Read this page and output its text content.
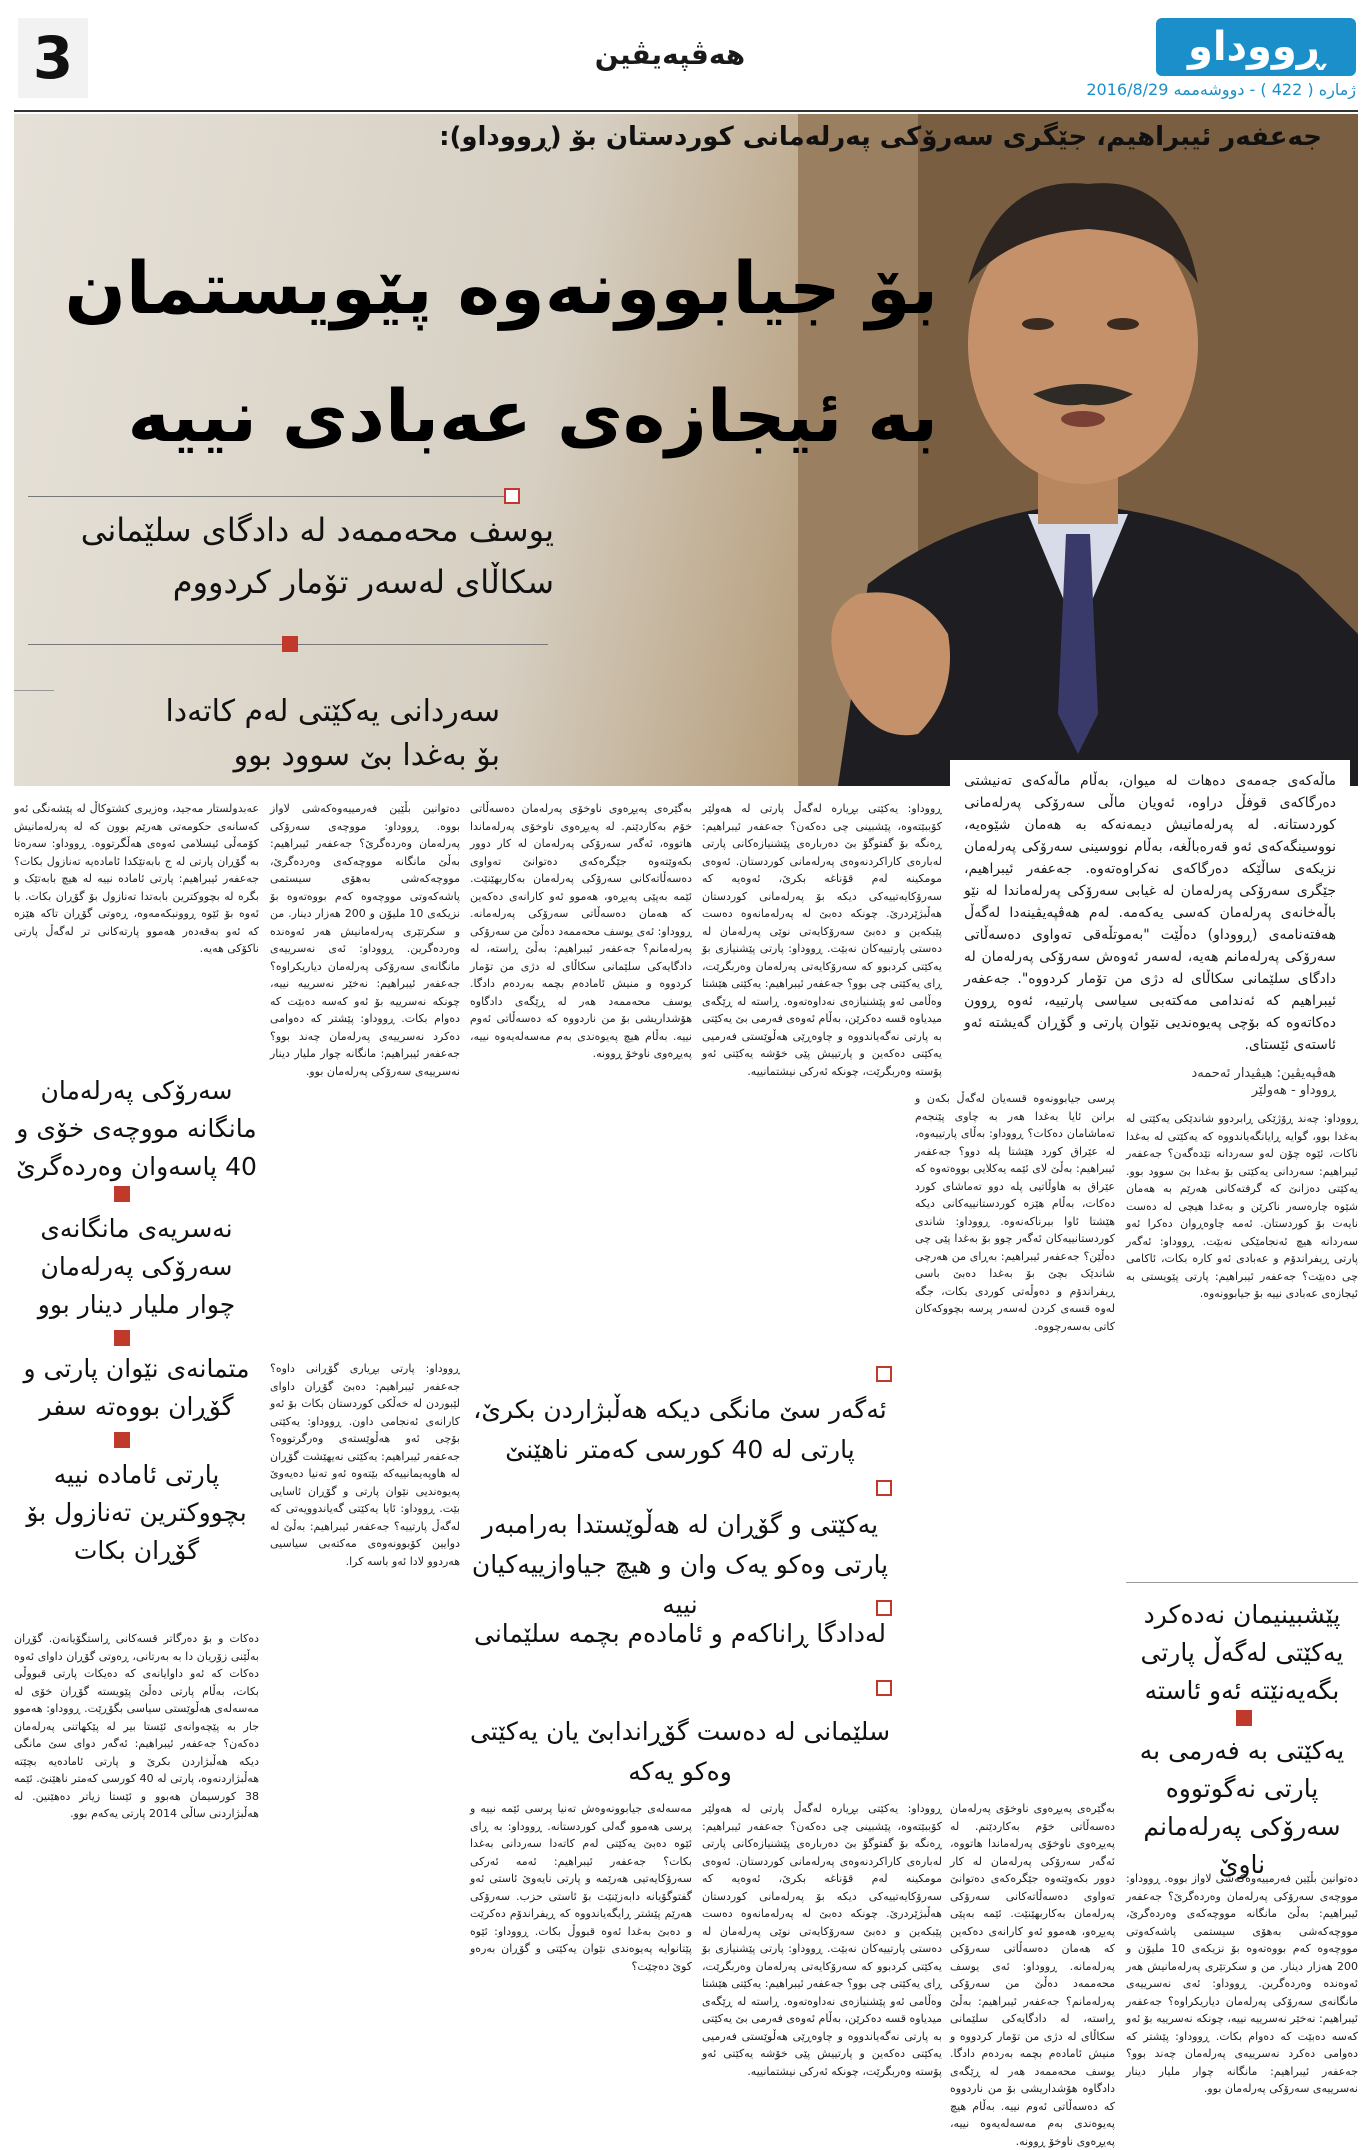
3	هەڤپەیڤین	ڕووداو
ژمارە ( 422 ) - دووشەممە 2016/8/29
جەعفەر ئیبراهیم، جێگری سەرۆکی پەرلەمانی کوردستان بۆ (ڕووداو):
بۆ جیابوونەوە پێویستمان
بە ئیجازەی عەبادی نییە
یوسف محەممەد لە دادگای سلێمانی
سکاڵای لەسەر تۆمار کردووم
سەردانی یەکێتی لەم کاتەدا
بۆ بەغدا بێ سوود بوو
ماڵەکەی جەمەی دەهات لە میوان، بەڵام ماڵەکەی تەنیشتی دەرگاکەی قوفڵ دراوە، ئەویان ماڵی سەرۆکی پەرلەمانی کوردستانە. لە پەرلەمانیش دیمەنەکە بە هەمان شێوەیە، نووسینگەکەی ئەو قەرەباڵغە، بەڵام نووسینی سەرۆکی پەرلەمان نزیکەی ساڵێکە دەرگاکەی نەکراوەتەوە. جەعفەر ئیبراهیم، جێگری سەرۆکی پەرلەمان لە غیابی سەرۆکی پەرلەماندا لە نێو باڵەخانەی پەرلەمان کەسی یەکەمە. لەم هەڤپەیڤینەدا لەگەڵ هەفتەنامەی (ڕووداو) دەڵێت "بەموتڵەقی تەواوی دەسەڵاتی سەرۆکی پەرلەمانم هەیە، لەسەر ئەوەش سەرۆکی پەرلەمان لە دادگای سلێمانی سکاڵای لە دژی من تۆمار کردووە". جەعفەر ئیبراهیم کە ئەندامی مەکتەبی سیاسی پارتییە، ئەوە ڕوون دەکاتەوە کە بۆچی پەیوەندیی نێوان پارتی و گۆڕان گەیشتە ئەو ئاستەی ئێستای.
هەڤپەیڤین: هیڤیدار ئەحمەد
ڕووداو - هەولێر
عەبدولستار مەجید، وەزیری کشتوکاڵ لە پێشەنگی ئەو کەسانەی حکومەتی هەرێم بوون کە لە پەرلەمانیش کۆمەڵی ئیسلامی ئەوەی هەڵگرتووە. ڕووداو: سەرەتا بە گۆڕان پارتی لە ج بابەتێکدا ئامادەیە تەنازول بکات؟ جەعفەر ئیبراهیم: پارتی ئامادە نییە لە هیچ بابەتێک و بگرە لە بچووکترین بابەتدا تەنازول بۆ گۆڕان بکات. با ئەوە بۆ ئێوە ڕوونبکەمەوە، ڕەوتی گۆڕان تاکە هێزە کە ئەو بەقەدەر هەموو پارتەکانی تر لەگەڵ پارتی ناکۆکی هەیە.
دەتوانین بڵێین فەرمییەوەکەشی لاواز بووە. ڕووداو: مووچەی سەرۆکی پەرلەمان وەردەگرێ؟ جەعفەر ئیبراهیم: بەڵێ مانگانە مووچەکەی وەردەگرێ، مووچەکەشی بەهۆی سیستمی پاشەکەوتی مووچەوە کەم بووەتەوە بۆ نزیکەی 10 ملیۆن و 200 هەزار دینار. من و سکرتێری پەرلەمانیش هەر ئەوەندە وەردەگرین. ڕووداو: ئەی نەسرییەی مانگانەی سەرۆکی پەرلەمان دیاریکراوە؟ جەعفەر ئیبراهیم: نەخێر نەسرییە نییە، چونکە نەسرییە بۆ ئەو کەسە دەبێت کە دەوام بکات. ڕووداو: پێشتر کە دەوامی دەکرد نەسرییەی پەرلەمان چەند بوو؟ جەعفەر ئیبراهیم: مانگانە چوار ملیار دینار نەسرییەی سەرۆکی پەرلەمان بوو.
بەگێرەی پەیڕەوی ناوخۆی پەرلەمان دەسەڵاتی خۆم بەکاردێنم. لە پەیڕەوی ناوخۆی پەرلەماندا هاتووە، ئەگەر سەرۆکی پەرلەمان لە کار دوور بکەوێتەوە جێگرەکەی دەتوانێ تەواوی دەسەڵاتەکانی سەرۆکی پەرلەمان بەکاربهێنێت. ئێمە بەپێی پەیڕەو، هەموو ئەو کارانەی دەکەین کە هەمان دەسەڵاتی سەرۆکی پەرلەمانە. ڕووداو: ئەی یوسف محەممەد دەڵێ من سەرۆکی پەرلەمانم؟ جەعفەر ئیبراهیم: بەڵێ ڕاستە، لە دادگایەکی سلێمانی سکاڵای لە دژی من تۆمار کردووە و منیش ئامادەم بچمە بەردەم دادگا. یوسف محەممەد هەر لە ڕێگەی دادگاوە هۆشداریشی بۆ من ناردووە کە دەسەڵاتی ئەوم نییە. بەڵام هیچ پەیوەندی بەم مەسەلەیەوە نییە، پەیڕەوی ناوخۆ ڕوونە.
ڕووداو: یەکێتی بڕیارە لەگەڵ پارتی لە هەولێر کۆببێتەوە، پێشبینی چی دەکەن؟ جەعفەر ئیبراهیم: ڕەنگە بۆ گفتوگۆ بێ دەربارەی پێشنیازەکانی پارتی لەبارەی کاراکردنەوەی پەرلەمانی کوردستان. ئەوەی مومکینە لەم قۆناغە بکرێ، ئەوەیە کە سەرۆکایەتییەکی دیکە بۆ پەرلەمانی کوردستان هەڵبژێردرێ. چونکە دەبێ لە پەرلەمانەوە دەست پێبکەین و دەبێ سەرۆکایەتی نوێی پەرلەمان لە دەستی پارتییەکان نەبێت. ڕووداو: پارتی پێشنیازی بۆ یەکێتی کردبوو کە سەرۆکایەتی پەرلەمان وەربگرێت، ڕای یەکێتی چی بوو؟ جەعفەر ئیبراهیم: یەکێتی هێشتا وەڵامی ئەو پێشنیازەی نەداوەتەوە. ڕاستە لە ڕێگەی میدیاوە قسە دەکرێن، بەڵام ئەوەی فەرمی بێ یەکێتی بە پارتی نەگەیاندووە و چاوەڕێی هەڵوێستی فەرمیی یەکێتی دەکەین و پارتییش پێی خۆشە یەکێتی ئەو پۆستە وەربگرێت، چونکە ئەرکی نیشتمانییە.
سەرۆکی پەرلەمان مانگانە مووچەی خۆی و 40 پاسەوان وەردەگرێ
نەسریەی مانگانەی سەرۆکی پەرلەمان چوار ملیار دینار بوو
متمانەی نێوان پارتی و گۆڕان بووەتە سفر
پارتی ئامادە نییە بچووکترین تەنازول بۆ گۆڕان بکات
ئەگەر سێ مانگی دیکە هەڵبژاردن بکرێ، پارتی لە 40 کورسی کەمتر ناهێنێ
یەکێتی و گۆڕان لە هەڵوێستدا بەرامبەر پارتی وەکو یەک وان و هیچ جیاوازییەکیان نییە
لەدادگا ڕاناکەم و ئامادەم بچمە سلێمانی
سلێمانی لە دەست گۆڕاندابێ یان یەکێتی وەکو یەکە
ڕووداو: چەند ڕۆژێکی ڕابردوو شاندێکی یەکێتی لە بەغدا بوو، گوایە ڕایانگەیاندووە کە یەکێتی لە بەغدا ناکات، ئێوە چۆن لەو سەردانە تێدەگەن؟ جەعفەر ئیبراهیم: سەردانی یەکێتی بۆ بەغدا بێ سوود بوو. یەکێتی دەزانێ کە گرفتەکانی هەرێم بە هەمان شێوە چارەسەر ناکرێن و بەغدا هیچی لە دەست نایەت بۆ کوردستان. ئەمە چاوەڕوان دەکرا ئەو سەردانە هیچ ئەنجامێکی نەبێت. ڕووداو: ئەگەر پارتی ڕیفراندۆم و عەبادی ئەو کارە بکات، ئاکامی چی دەبێت؟ جەعفەر ئیبراهیم: پارتی پێویستی بە ئیجازەی عەبادی نییە بۆ جیابوونەوە.
پرسی جیابوونەوە قسەیان لەگەڵ بکەن و برانن ئایا بەغدا هەر بە چاوی پێنجەم تەماشامان دەکات؟ ڕووداو: بەڵای پارتییەوە، لە عێراق کورد هێشتا پلە دوو؟ جەعفەر ئیبراهیم: بەڵێ لای ئێمە یەکلایی بووەتەوە کە عێراق بە هاوڵاتیی پلە دوو تەماشای کورد دەکات، بەڵام هێزە کوردستانییەکانی دیکە هێشتا ئاوا بیرناکەنەوە. ڕووداو: شاندی کوردستانییەکان ئەگەر چوو بۆ بەغدا پێی چی دەڵێن؟ جەعفەر ئیبراهیم: بەڕای من هەرچی شاندێک بچێ بۆ بەغدا دەبێ باسی ڕیفراندۆم و دەوڵەتی کوردی بکات، جگە لەوە قسەی کردن لەسەر پرسە بچووکەکان کاتی بەسەرچووە.
پێشبینیمان نەدەکرد یەکێتی لەگەڵ پارتی بگەیەنێتە ئەو ئاستە
یەکێتی بە فەرمی بە پارتی نەگوتووە سەرۆکی پەرلەمانم ناوێ
دەکات و بۆ دەرگاتر قسەکانی ڕاستگۆیانەن. گۆڕان بەڵێنی زۆریان دا بە بەرتانی، ڕەوتی گۆڕان داوای ئەوە دەکات کە ئەو داوایانەی کە دەیکات پارتی قبووڵی بکات، بەڵام پارتی دەڵێ پێویستە گۆڕان خۆی لە مەسەلەی هەڵوێستی سیاسی بگۆڕێت. ڕووداو: هەموو جار بە پێچەوانەی ئێستا بیر لە پێکهاتنی پەرلەمان دەکەن؟ جەعفەر ئیبراهیم: ئەگەر دوای سێ مانگی دیکە هەڵبژاردن بکرێ و پارتی ئامادەیە بچێتە هەڵبژاردنەوە، پارتی لە 40 کورسی کەمتر ناهێنێ. ئێمە 38 کورسیمان هەبوو و ئێستا زیاتر دەهێنین. لە هەڵبژاردنی ساڵی 2014 پارتی یەکەم بوو.
ڕووداو: پارتی بڕیاری گۆڕانی داوە؟ جەعفەر ئیبراهیم: دەبێ گۆڕان داوای لێبوردن لە خەڵکی کوردستان بکات بۆ ئەو کارانەی ئەنجامی داون. ڕووداو: یەکێتی بۆچی ئەو هەڵوێستەی وەرگرتووە؟ جەعفەر ئیبراهیم: یەکێتی نەیهێشت گۆڕان لە هاوپەیمانییەکە بێتەوە ئەو تەنیا دەیەوێ پەیوەندیی نێوان پارتی و گۆڕان ئاسایی بێت. ڕووداو: ئایا یەکێتی گەیاندوویەتی کە لەگەڵ پارتییە؟ جەعفەر ئیبراهیم: بەڵێ لە دوایین کۆبوونەوەی مەکتەبی سیاسیی هەردوو لادا ئەو باسە کرا.
مەسەلەی جیابوونەوەش تەنیا پرسی ئێمە نییە و پرسی هەموو گەلی کوردستانە. ڕووداو: بە ڕای ئێوە دەبێ یەکێتی لەم کاتەدا سەردانی بەغدا بکات؟ جەعفەر ئیبراهیم: ئەمە ئەرکی سەرۆکایەتیی هەرێمە و پارتی نایەوێ ئاستی ئەو گفتوگۆیانە دابەزێنێت بۆ ئاستی حزب. سەرۆکی هەرێم پێشتر ڕایگەیاندووە کە ڕیفراندۆم دەکرێت و دەبێ بەغدا ئەوە قبووڵ بکات. ڕووداو: ئێوە پێتانوایە پەیوەندی نێوان یەکێتی و گۆڕان بەرەو کوێ دەچێت؟
ڕووداو: یەکێتی بڕیارە لەگەڵ پارتی لە هەولێر کۆببێتەوە، پێشبینی چی دەکەن؟ جەعفەر ئیبراهیم: ڕەنگە بۆ گفتوگۆ بێ دەربارەی پێشنیازەکانی پارتی لەبارەی کاراکردنەوەی پەرلەمانی کوردستان. ئەوەی مومکینە لەم قۆناغە بکرێ، ئەوەیە کە سەرۆکایەتییەکی دیکە بۆ پەرلەمانی کوردستان هەڵبژێردرێ. چونکە دەبێ لە پەرلەمانەوە دەست پێبکەین و دەبێ سەرۆکایەتی نوێی پەرلەمان لە دەستی پارتییەکان نەبێت. ڕووداو: پارتی پێشنیازی بۆ یەکێتی کردبوو کە سەرۆکایەتی پەرلەمان وەربگرێت، ڕای یەکێتی چی بوو؟ جەعفەر ئیبراهیم: یەکێتی هێشتا وەڵامی ئەو پێشنیازەی نەداوەتەوە. ڕاستە لە ڕێگەی میدیاوە قسە دەکرێن، بەڵام ئەوەی فەرمی بێ یەکێتی بە پارتی نەگەیاندووە و چاوەڕێی هەڵوێستی فەرمیی یەکێتی دەکەین و پارتییش پێی خۆشە یەکێتی ئەو پۆستە وەربگرێت، چونکە ئەرکی نیشتمانییە.
بەگێرەی پەیڕەوی ناوخۆی پەرلەمان دەسەڵاتی خۆم بەکاردێنم. لە پەیڕەوی ناوخۆی پەرلەماندا هاتووە، ئەگەر سەرۆکی پەرلەمان لە کار دوور بکەوێتەوە جێگرەکەی دەتوانێ تەواوی دەسەڵاتەکانی سەرۆکی پەرلەمان بەکاربهێنێت. ئێمە بەپێی پەیڕەو، هەموو ئەو کارانەی دەکەین کە هەمان دەسەڵاتی سەرۆکی پەرلەمانە. ڕووداو: ئەی یوسف محەممەد دەڵێ من سەرۆکی پەرلەمانم؟ جەعفەر ئیبراهیم: بەڵێ ڕاستە، لە دادگایەکی سلێمانی سکاڵای لە دژی من تۆمار کردووە و منیش ئامادەم بچمە بەردەم دادگا. یوسف محەممەد هەر لە ڕێگەی دادگاوە هۆشداریشی بۆ من ناردووە کە دەسەڵاتی ئەوم نییە. بەڵام هیچ پەیوەندی بەم مەسەلەیەوە نییە، پەیڕەوی ناوخۆ ڕوونە.
دەتوانین بڵێین فەرمییەوەکەشی لاواز بووە. ڕووداو: مووچەی سەرۆکی پەرلەمان وەردەگرێ؟ جەعفەر ئیبراهیم: بەڵێ مانگانە مووچەکەی وەردەگرێ، مووچەکەشی بەهۆی سیستمی پاشەکەوتی مووچەوە کەم بووەتەوە بۆ نزیکەی 10 ملیۆن و 200 هەزار دینار. من و سکرتێری پەرلەمانیش هەر ئەوەندە وەردەگرین. ڕووداو: ئەی نەسرییەی مانگانەی سەرۆکی پەرلەمان دیاریکراوە؟ جەعفەر ئیبراهیم: نەخێر نەسرییە نییە، چونکە نەسرییە بۆ ئەو کەسە دەبێت کە دەوام بکات. ڕووداو: پێشتر کە دەوامی دەکرد نەسرییەی پەرلەمان چەند بوو؟ جەعفەر ئیبراهیم: مانگانە چوار ملیار دینار نەسرییەی سەرۆکی پەرلەمان بوو.
